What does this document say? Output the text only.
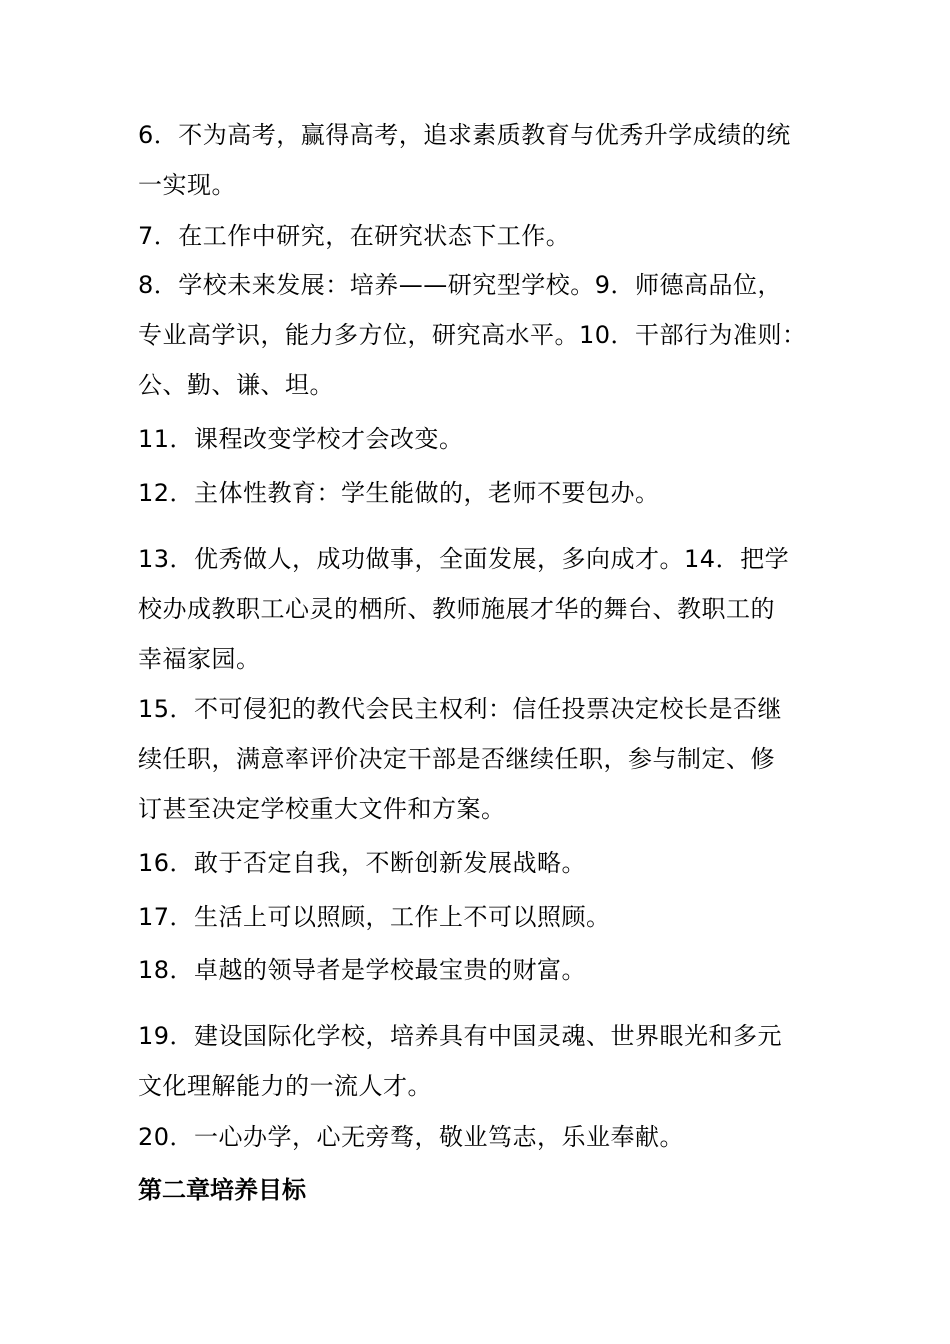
6．不为高考，赢得高考，追求素质教育与优秀升学成绩的统
一实现。

7．在工作中研究，在研究状态下工作。

8．学校未来发展：培养——研究型学校。9．师德高品位，
专业高学识，能力多方位，研究高水平。10．干部行为准则：
公、勤、谦、坦。

11．课程改变学校才会改变。

12．主体性教育：学生能做的，老师不要包办。

13．优秀做人，成功做事，全面发展，多向成才。14．把学
校办成教职工心灵的栖所、教师施展才华的舞台、教职工的
幸福家园。

15．不可侵犯的教代会民主权利：信任投票决定校长是否继
续任职，满意率评价决定干部是否继续任职，参与制定、修
订甚至决定学校重大文件和方案。

16．敢于否定自我，不断创新发展战略。

17．生活上可以照顾，工作上不可以照顾。

18．卓越的领导者是学校最宝贵的财富。

19．建设国际化学校，培养具有中国灵魂、世界眼光和多元
文化理解能力的一流人才。

20．一心办学，心无旁骛，敬业笃志，乐业奉献。

第二章培养目标
